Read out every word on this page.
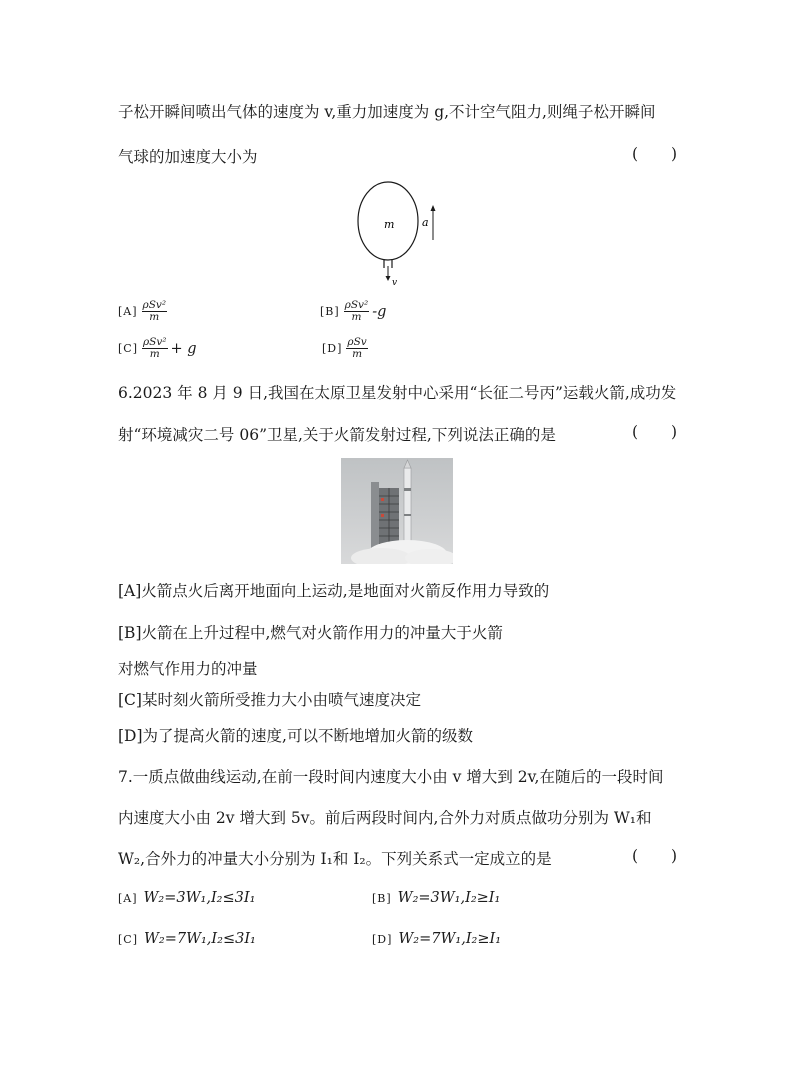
子松开瞬间喷出气体的速度为 v,重力加速度为 g,不计空气阻力,则绳子松开瞬间
气球的加速度大小为	( )
m	a
v
$[A] \frac{\text{ρSv²}}{m}$	$[B] \frac{\text{ρSv²}}{m} -g$
$[C] \frac{\text{ρSv²}}{m} + g$	$[D] \frac{\text{ρSv}}{m}$
6.2023 年 8 月 9 日,我国在太原卫星发射中心采用“长征二号丙”运载火箭,成功发
射“环境减灾二号 06”卫星,关于火箭发射过程,下列说法正确的是	( )
[A]火箭点火后离开地面向上运动,是地面对火箭反作用力导致的
[B]火箭在上升过程中,燃气对火箭作用力的冲量大于火箭
对燃气作用力的冲量
[C]某时刻火箭所受推力大小由喷气速度决定
[D]为了提高火箭的速度,可以不断地增加火箭的级数
7.一质点做曲线运动,在前一段时间内速度大小由 v 增大到 2v,在随后的一段时间
内速度大小由 2v 增大到 5v。前后两段时间内,合外力对质点做功分别为 W₁和
W₂,合外力的冲量大小分别为 I₁和 I₂。下列关系式一定成立的是	( )
[A] W₂=3W₁,I₂≤3I₁	[B] W₂=3W₁,I₂≥I₁
[C] W₂=7W₁,I₂≤3I₁	[D] W₂=7W₁,I₂≥I₁
